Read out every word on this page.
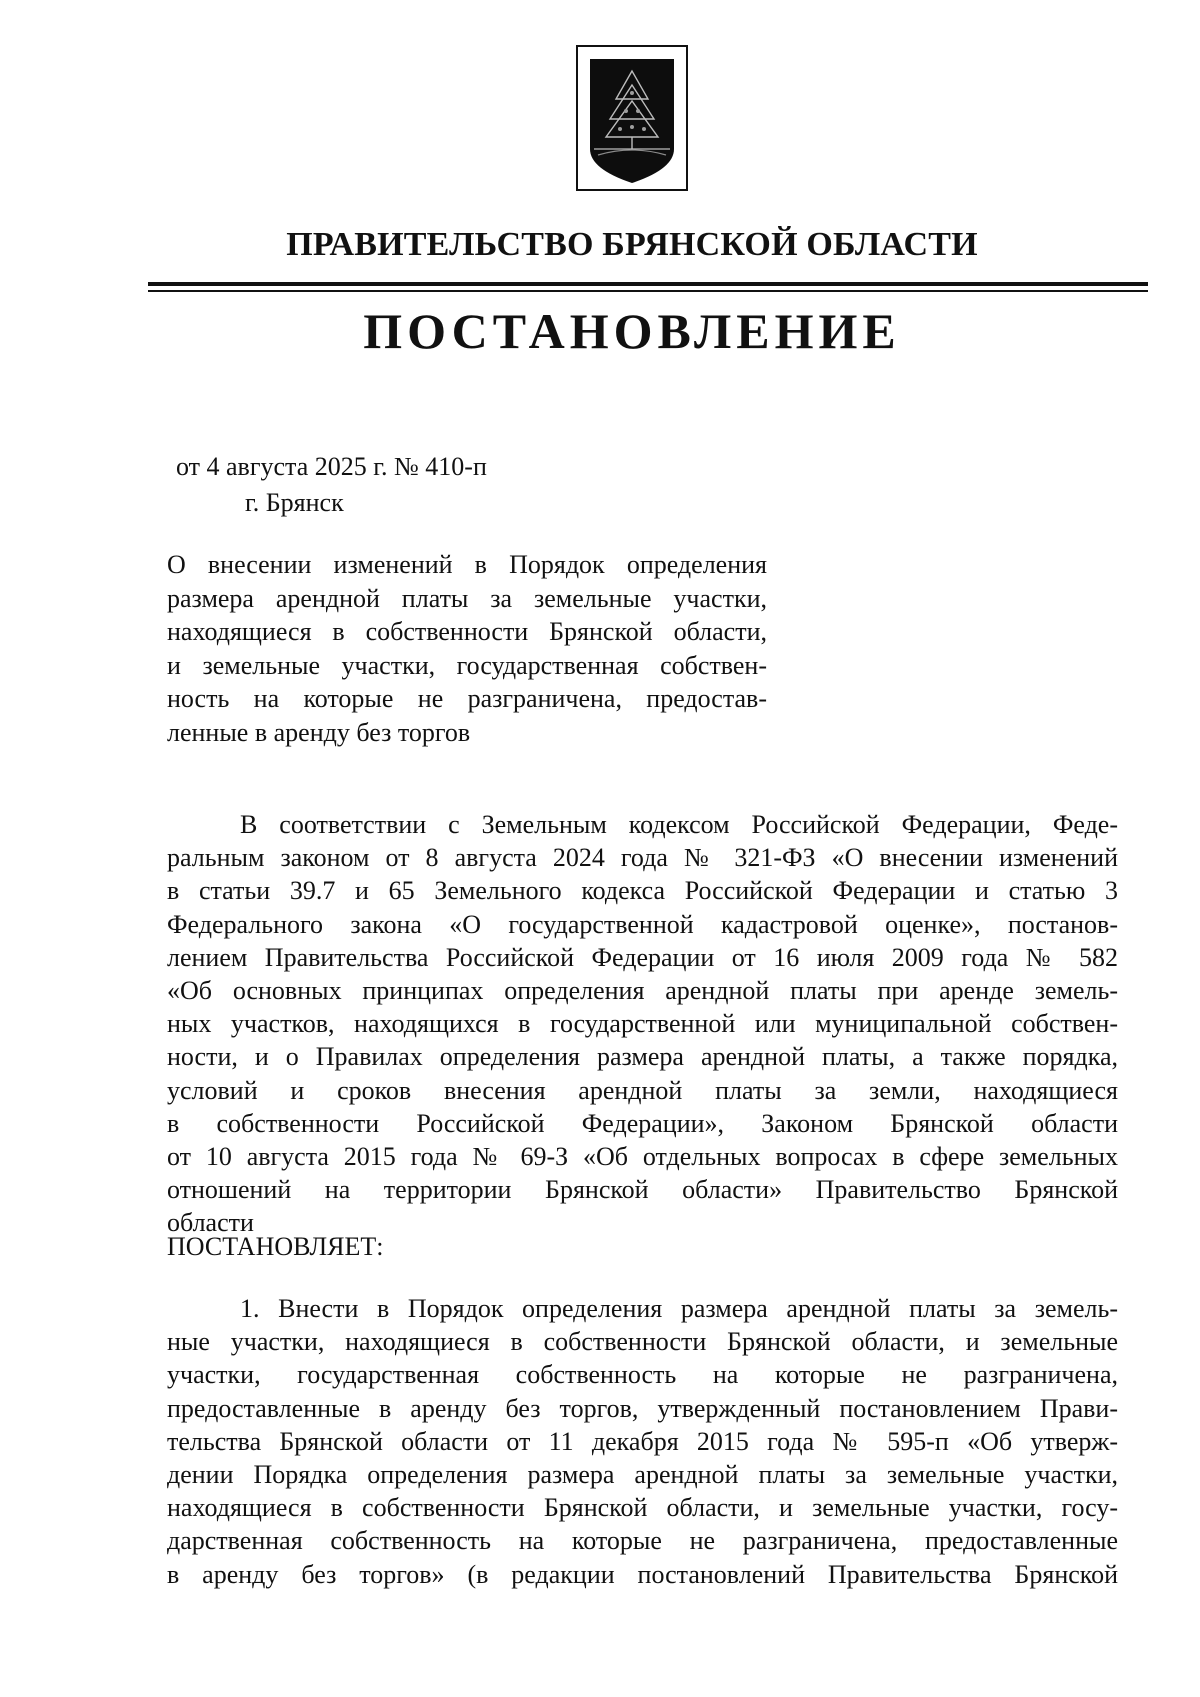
ПРАВИТЕЛЬСТВО БРЯНСКОЙ ОБЛАСТИ
ПОСТАНОВЛЕНИЕ
от 4 августа 2025 г. № 410-п
г. Брянск
О внесении изменений в Порядок определения
размера арендной платы за земельные участки,
находящиеся в собственности Брянской области,
и земельные участки, государственная собствен-
ность на которые не разграничена, предостав-
ленные в аренду без торгов
В соответствии с Земельным кодексом Российской Федерации, Феде-
ральным законом от 8 августа 2024 года № 321-ФЗ «О внесении изменений
в статьи 39.7 и 65 Земельного кодекса Российской Федерации и статью 3
Федерального закона «О государственной кадастровой оценке», постанов-
лением Правительства Российской Федерации от 16 июля 2009 года № 582
«Об основных принципах определения арендной платы при аренде земель-
ных участков, находящихся в государственной или муниципальной собствен-
ности, и о Правилах определения размера арендной платы, а также порядка,
условий и сроков внесения арендной платы за земли, находящиеся
в собственности Российской Федерации», Законом Брянской области
от 10 августа 2015 года № 69-З «Об отдельных вопросах в сфере земельных
отношений на территории Брянской области» Правительство Брянской
области
ПОСТАНОВЛЯЕТ:
1. Внести в Порядок определения размера арендной платы за земель-
ные участки, находящиеся в собственности Брянской области, и земельные
участки, государственная собственность на которые не разграничена,
предоставленные в аренду без торгов, утвержденный постановлением Прави-
тельства Брянской области от 11 декабря 2015 года № 595-п «Об утверж-
дении Порядка определения размера арендной платы за земельные участки,
находящиеся в собственности Брянской области, и земельные участки, госу-
дарственная собственность на которые не разграничена, предоставленные
в аренду без торгов» (в редакции постановлений Правительства Брянской
